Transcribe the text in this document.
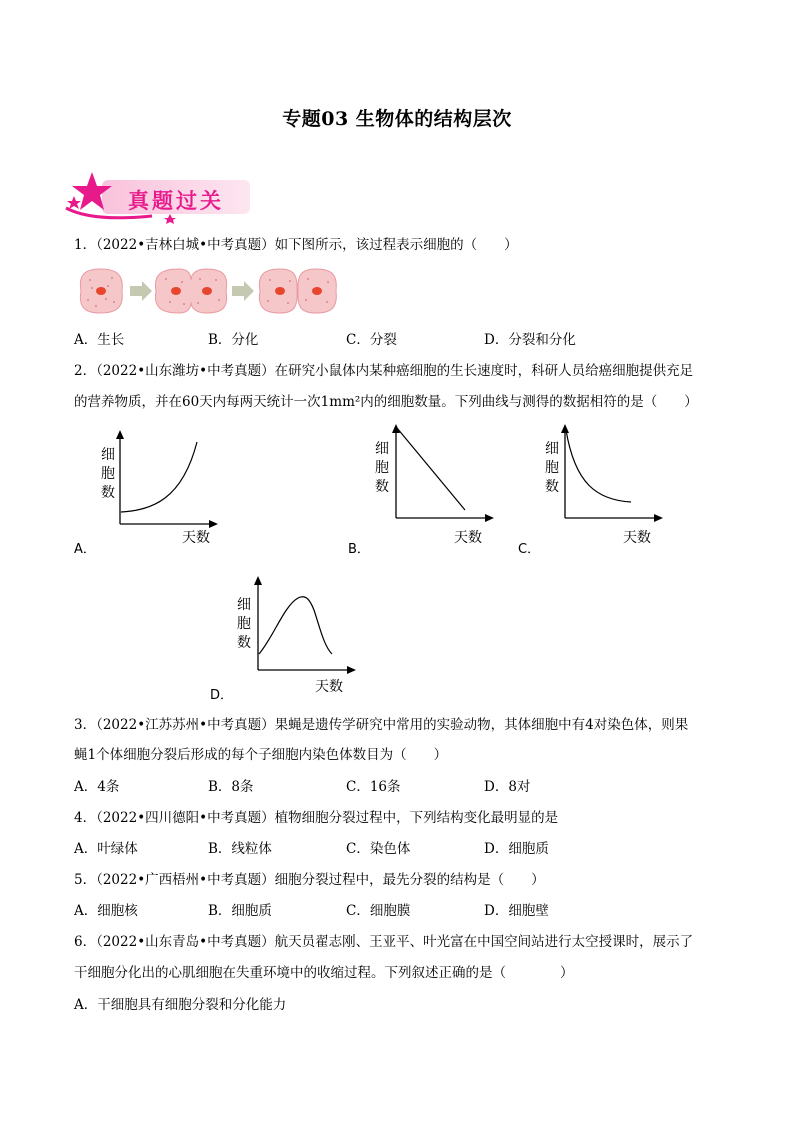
专题03 生物体的结构层次
真题过关
1．（2022•吉林白城•中考真题）如下图所示，该过程表示细胞的（　　）
A．生长	B．分化	C．分裂	D．分裂和分化
2．（2022•山东潍坊•中考真题）在研究小鼠体内某种癌细胞的生长速度时，科研人员给癌细胞提供充足
的营养物质，并在60天内每两天统计一次1mm²内的细胞数量。下列曲线与测得的数据相符的是（　　）
细
胞
数
天数
A．
细
胞
数
天数
B．
细
胞
数
天数
C．
细
胞
数
天数
D．
3．（2022•江苏苏州•中考真题）果蝇是遗传学研究中常用的实验动物，其体细胞中有4对染色体，则果
蝇1个体细胞分裂后形成的每个子细胞内染色体数目为（　　）
A．4条	B．8条	C．16条	D．8对
4．（2022•四川德阳•中考真题）植物细胞分裂过程中，下列结构变化最明显的是
A．叶绿体	B．线粒体	C．染色体	D．细胞质
5．（2022•广西梧州•中考真题）细胞分裂过程中，最先分裂的结构是（　　）
A．细胞核	B．细胞质	C．细胞膜	D．细胞壁
6．（2022•山东青岛•中考真题）航天员翟志刚、王亚平、叶光富在中国空间站进行太空授课时，展示了
干细胞分化出的心肌细胞在失重环境中的收缩过程。下列叙述正确的是（　　　　）
A．干细胞具有细胞分裂和分化能力
